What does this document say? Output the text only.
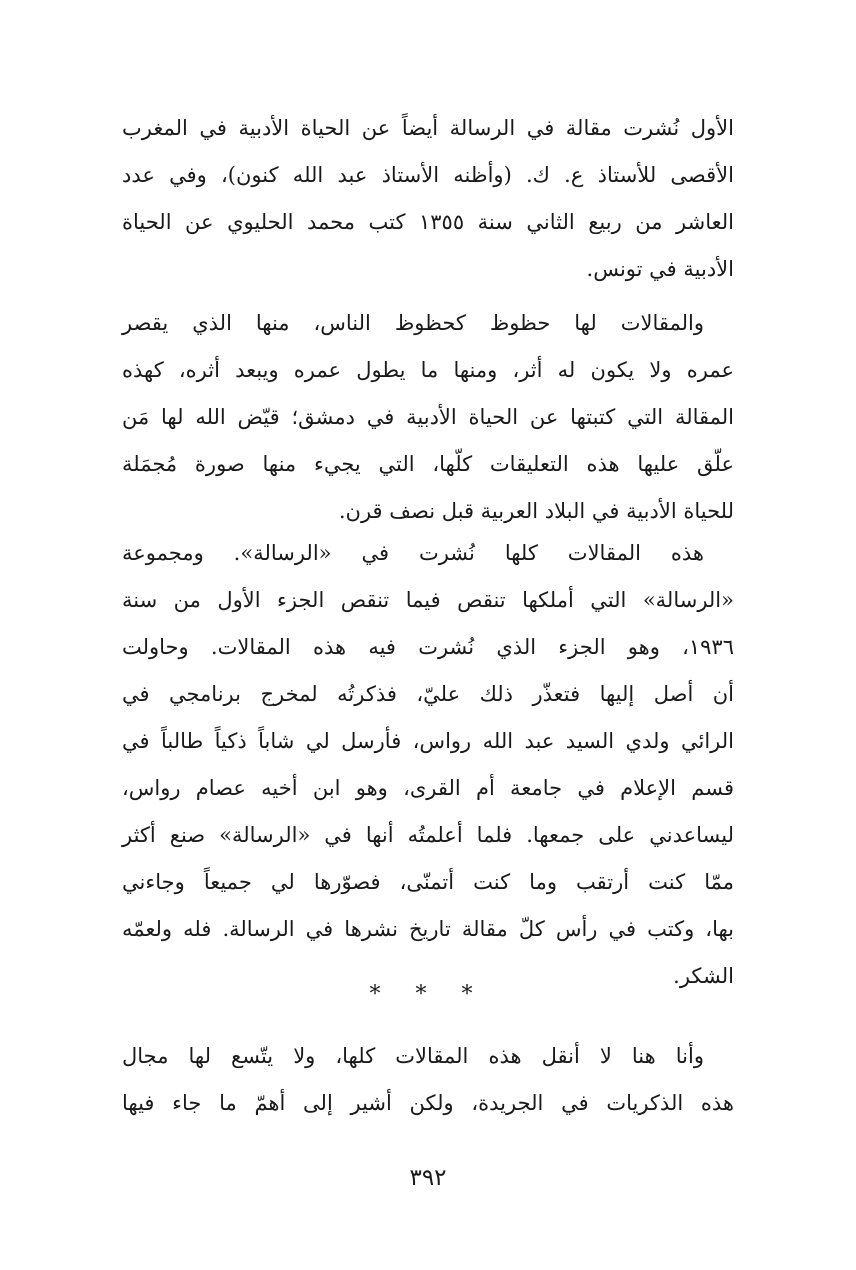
الأول نُشرت مقالة في الرسالة أيضاً عن الحياة الأدبية في المغرب
الأقصى للأستاذ ع. ك. (وأظنه الأستاذ عبد الله كنون)، وفي عدد
العاشر من ربيع الثاني سنة ١٣٥٥ كتب محمد الحليوي عن الحياة
الأدبية في تونس.
والمقالات لها حظوظ كحظوظ الناس، منها الذي يقصر
عمره ولا يكون له أثر، ومنها ما يطول عمره ويبعد أثره، كهذه
المقالة التي كتبتها عن الحياة الأدبية في دمشق؛ قيّض الله لها مَن
علّق عليها هذه التعليقات كلّها، التي يجيء منها صورة مُجمَلة
للحياة الأدبية في البلاد العربية قبل نصف قرن.
هذه المقالات كلها نُشرت في «الرسالة». ومجموعة
«الرسالة» التي أملكها تنقص فيما تنقص الجزء الأول من سنة
١٩٣٦، وهو الجزء الذي نُشرت فيه هذه المقالات. وحاولت
أن أصل إليها فتعذّر ذلك عليّ، فذكرتُه لمخرج برنامجي في
الرائي ولدي السيد عبد الله رواس، فأرسل لي شاباً ذكياً طالباً في
قسم الإعلام في جامعة أم القرى، وهو ابن أخيه عصام رواس،
ليساعدني على جمعها. فلما أعلمتُه أنها في «الرسالة» صنع أكثر
ممّا كنت أرتقب وما كنت أتمنّى، فصوّرها لي جميعاً وجاءني
بها، وكتب في رأس كلّ مقالة تاريخ نشرها في الرسالة. فله ولعمّه
الشكر.
* * *
وأنا هنا لا أنقل هذه المقالات كلها، ولا يتّسع لها مجال
هذه الذكريات في الجريدة، ولكن أشير إلى أهمّ ما جاء فيها
٣٩٢
